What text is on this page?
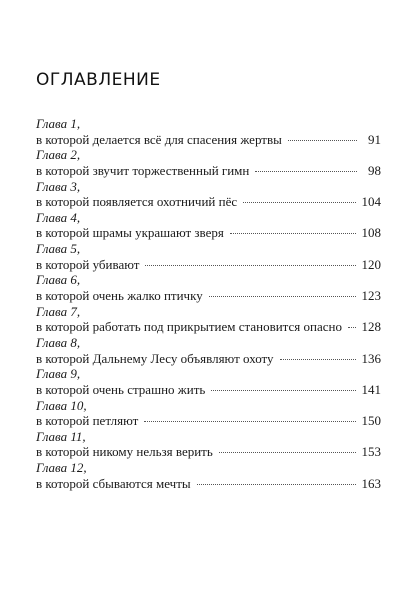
ОГЛАВЛЕНИЕ
Глава 1,
в которой делается всё для спасения жертвы	91
Глава 2,
в которой звучит торжественный гимн	98
Глава 3,
в которой появляется охотничий пёс	104
Глава 4,
в которой шрамы украшают зверя	108
Глава 5,
в которой убивают	120
Глава 6,
в которой очень жалко птичку	123
Глава 7,
в которой работать под прикрытием становится опасно 128
Глава 8,
в которой Дальнему Лесу объявляют охоту	136
Глава 9,
в которой очень страшно жить	141
Глава 10,
в которой петляют	150
Глава 11,
в которой никому нельзя верить	153
Глава 12,
в которой сбываются мечты	163
